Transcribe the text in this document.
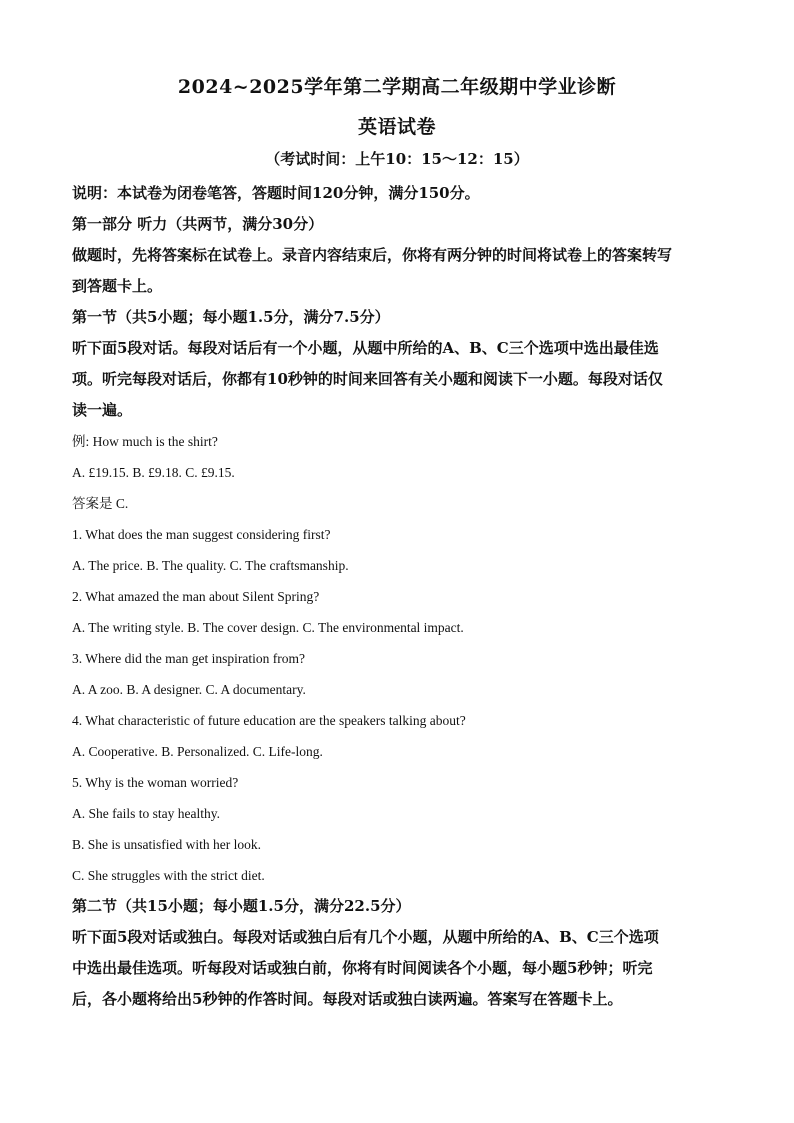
2024~2025学年第二学期高二年级期中学业诊断
英语试卷
（考试时间：上午10：15～12：15）

说明：本试卷为闭卷笔答，答题时间120分钟，满分150分。

第一部分 听力（共两节，满分30分）

做题时，先将答案标在试卷上。录音内容结束后，你将有两分钟的时间将试卷上的答案转写

到答题卡上。

第一节（共5小题；每小题1.5分，满分7.5分）

听下面5段对话。每段对话后有一个小题，从题中所给的A、B、C三个选项中选出最佳选

项。听完每段对话后，你都有10秒钟的时间来回答有关小题和阅读下一小题。每段对话仅

读一遍。

例: How much is the shirt?

A. £19.15. B. £9.18. C. £9.15.

答案是 C.

1. What does the man suggest considering first?

A. The price. B. The quality. C. The craftsmanship.

2. What amazed the man about Silent Spring?

A. The writing style. B. The cover design. C. The environmental impact.

3. Where did the man get inspiration from?

A. A zoo. B. A designer. C. A documentary.

4. What characteristic of future education are the speakers talking about?

A. Cooperative. B. Personalized. C. Life-long.

5. Why is the woman worried?

A. She fails to stay healthy.

B. She is unsatisfied with her look.

C. She struggles with the strict diet.

第二节（共15小题；每小题1.5分，满分22.5分）

听下面5段对话或独白。每段对话或独白后有几个小题，从题中所给的A、B、C三个选项

中选出最佳选项。听每段对话或独白前，你将有时间阅读各个小题，每小题5秒钟；听完

后，各小题将给出5秒钟的作答时间。每段对话或独白读两遍。答案写在答题卡上。
